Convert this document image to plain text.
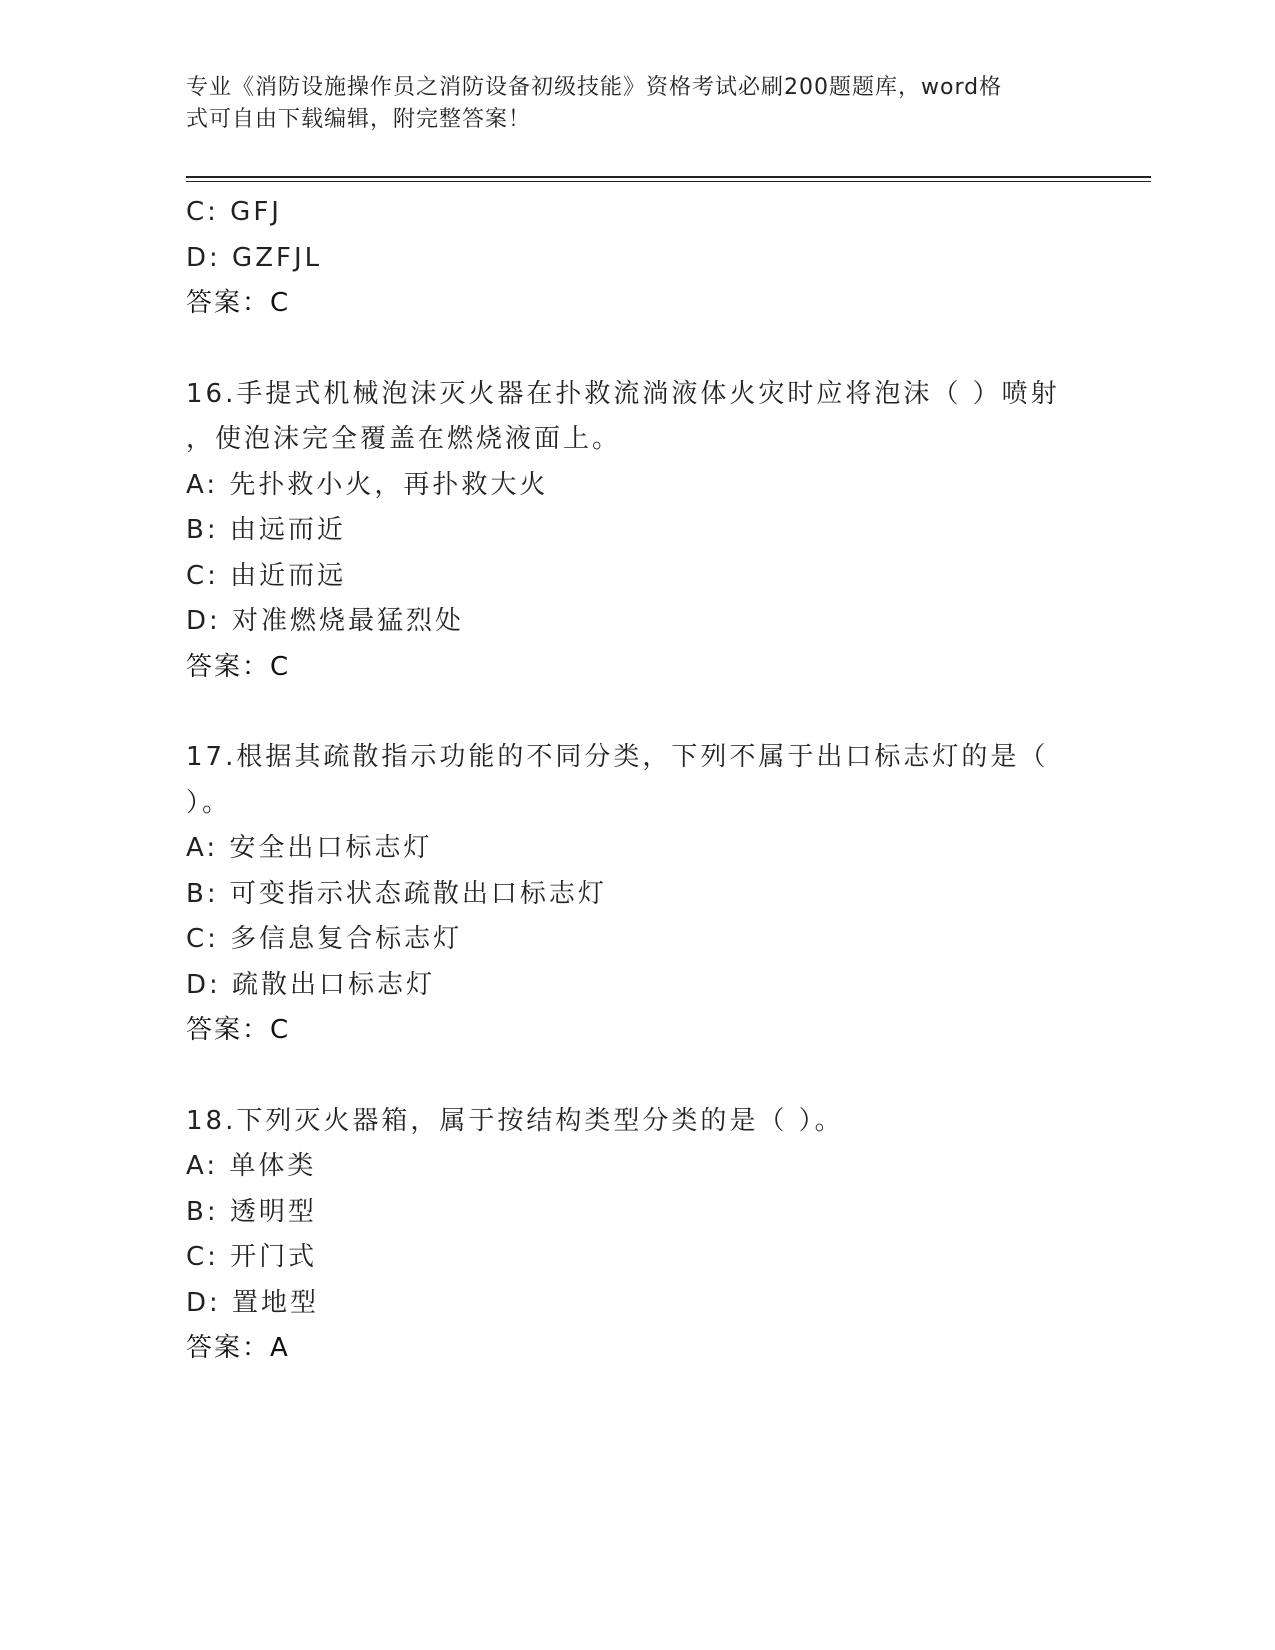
专业《消防设施操作员之消防设备初级技能》资格考试必刷200题题库，word格
式可自由下载编辑，附完整答案！
C: GFJ
D: GZFJL
答案：C
16.手提式机械泡沫灭火器在扑救流淌液体火灾时应将泡沫（ ）喷射
，使泡沫完全覆盖在燃烧液面上。
A: 先扑救小火，再扑救大火
B: 由远而近
C: 由近而远
D: 对准燃烧最猛烈处
答案：C
17.根据其疏散指示功能的不同分类，下列不属于出口标志灯的是（
）。
A: 安全出口标志灯
B: 可变指示状态疏散出口标志灯
C: 多信息复合标志灯
D: 疏散出口标志灯
答案：C
18.下列灭火器箱，属于按结构类型分类的是（ ）。
A: 单体类
B: 透明型
C: 开门式
D: 置地型
答案：A
